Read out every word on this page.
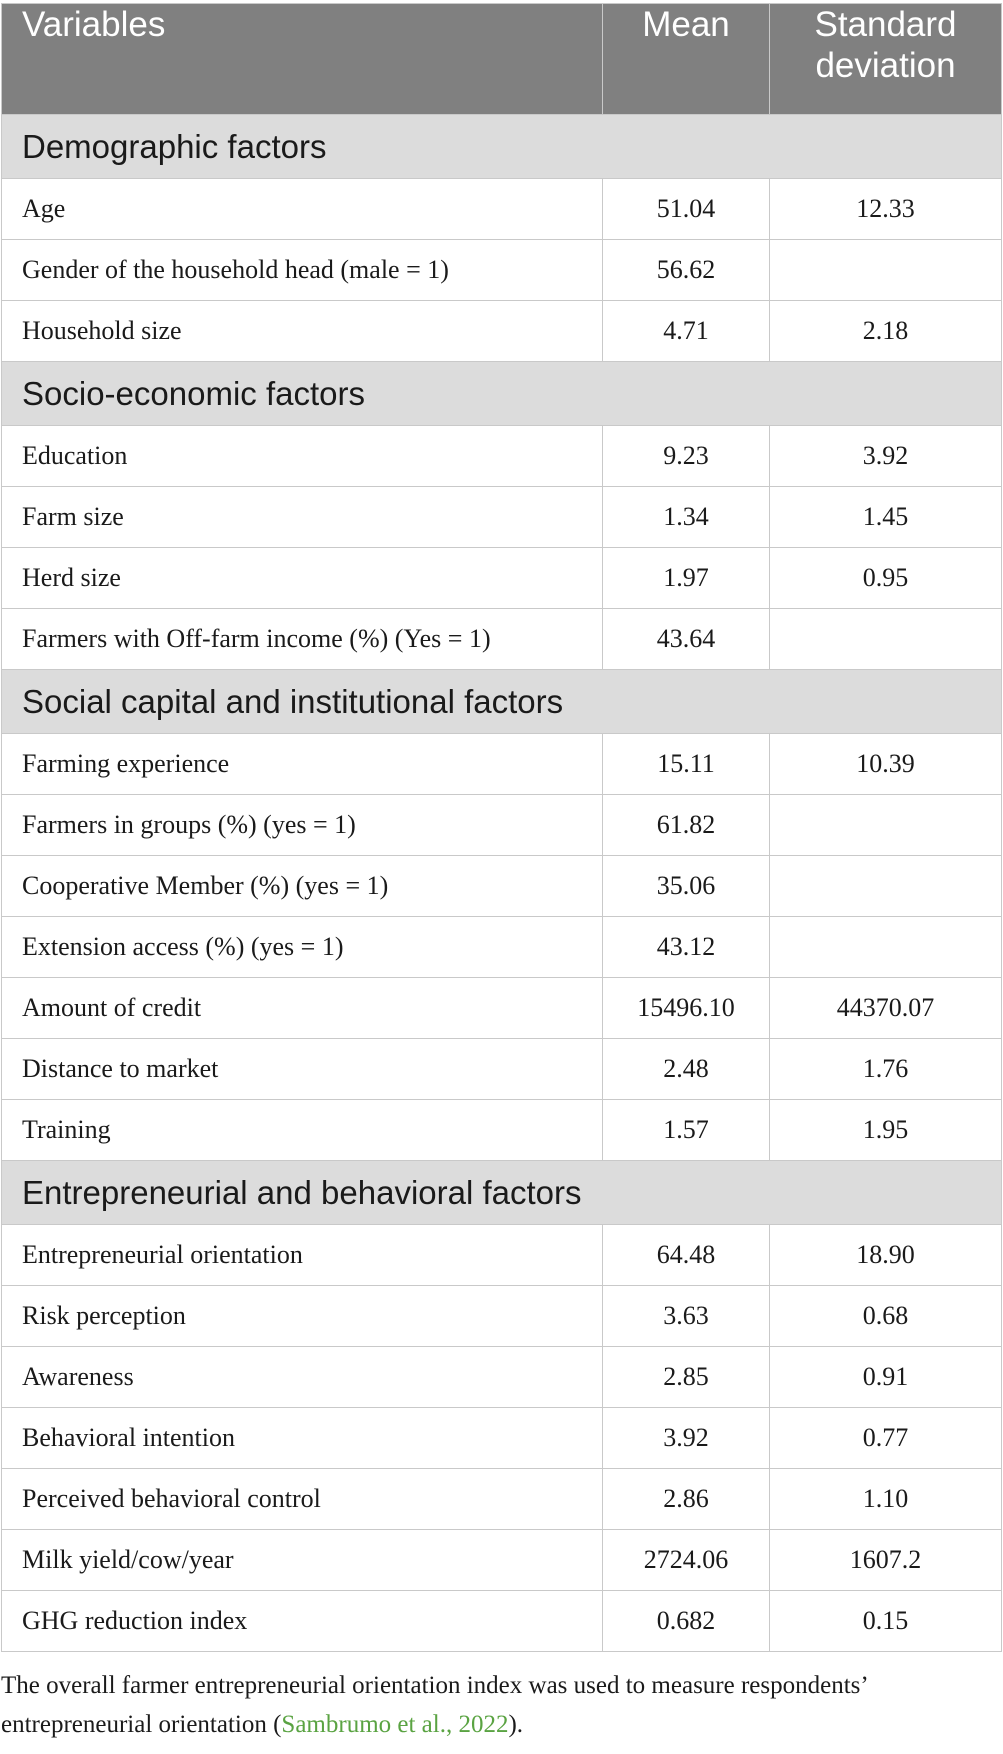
Variables	Mean	Standard
deviation
Demographic factors		
Age	51.04	12.33
Gender of the household head (male = 1)	56.62	
Household size	4.71	2.18
Socio-economic factors		
Education	9.23	3.92
Farm size	1.34	1.45
Herd size	1.97	0.95
Farmers with Off-farm income (%) (Yes = 1)	43.64	
Social capital and institutional factors		
Farming experience	15.11	10.39
Farmers in groups (%) (yes = 1)	61.82	
Cooperative Member (%) (yes = 1)	35.06	
Extension access (%) (yes = 1)	43.12	
Amount of credit	15496.10	44370.07
Distance to market	2.48	1.76
Training	1.57	1.95
Entrepreneurial and behavioral factors		
Entrepreneurial orientation	64.48	18.90
Risk perception	3.63	0.68
Awareness	2.85	0.91
Behavioral intention	3.92	0.77
Perceived behavioral control	2.86	1.10
Milk yield/cow/year	2724.06	1607.2
GHG reduction index	0.682	0.15
The overall farmer entrepreneurial orientation index was used to measure respondents’ entrepreneurial orientation (Sambrumo et al., 2022).
